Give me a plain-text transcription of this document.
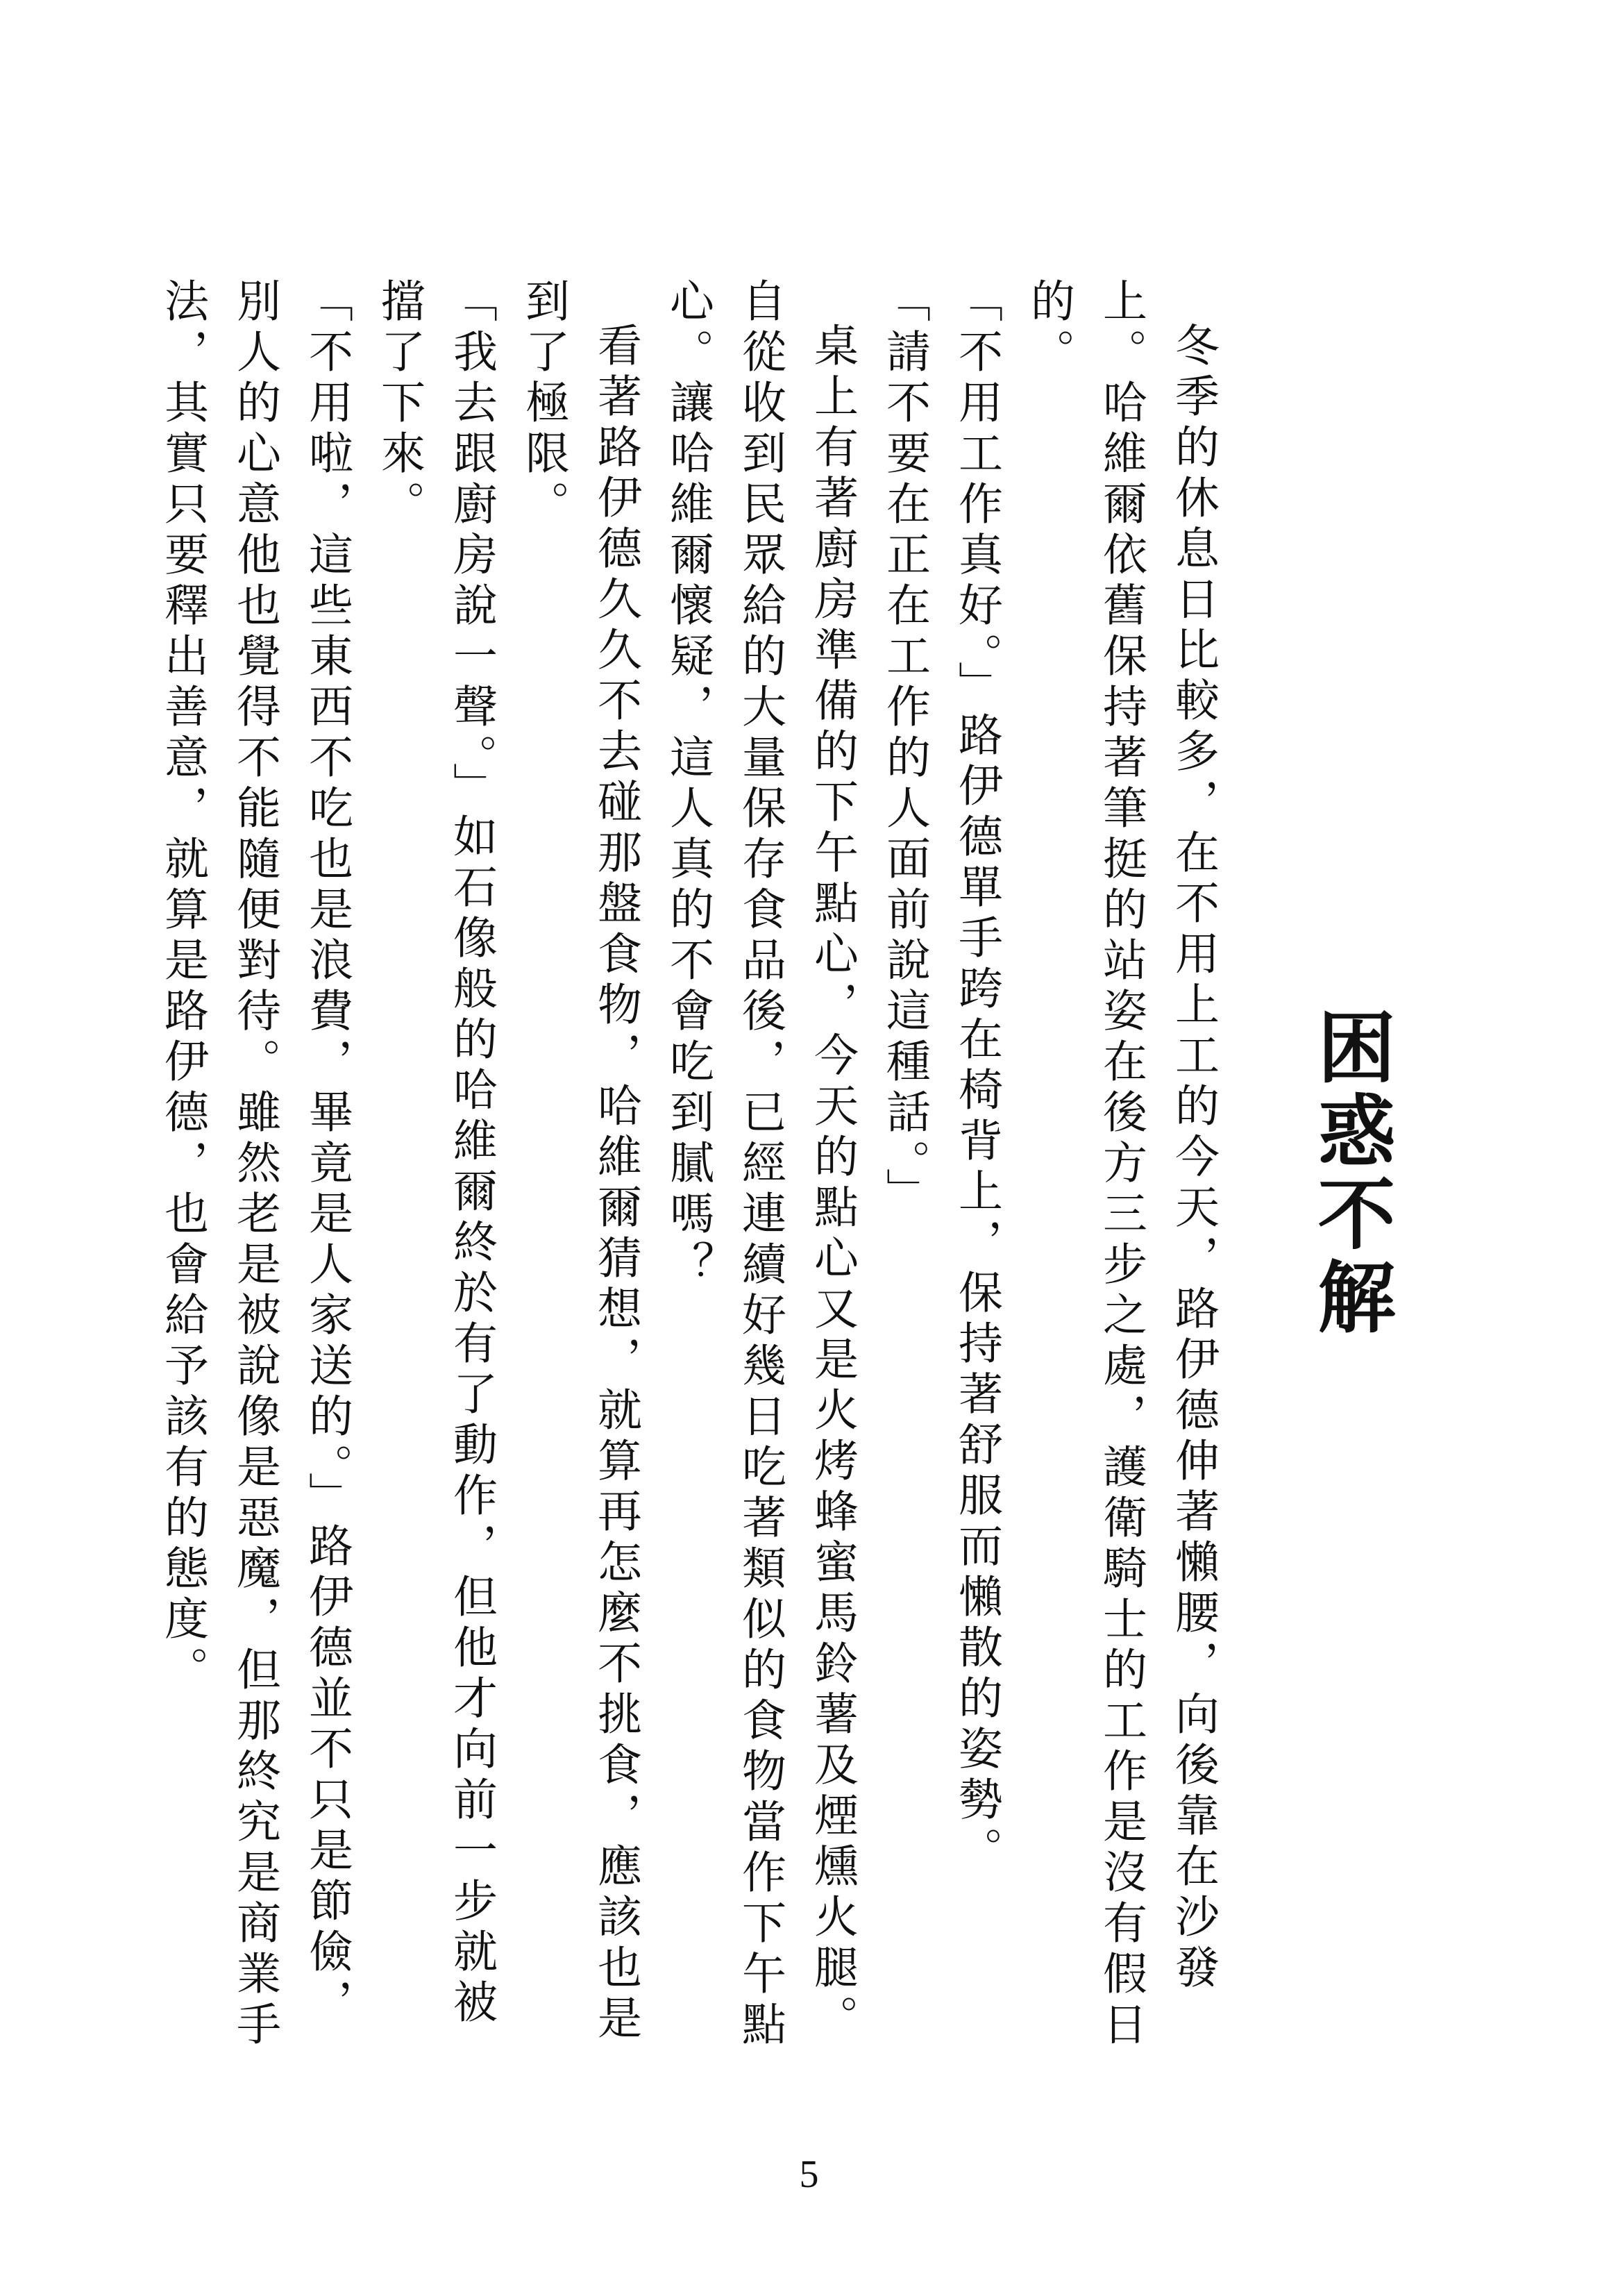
困惑不解

冬季的休息日比較多，在不用上工的今天，路伊德伸著懶腰，向後靠在沙發上。哈維爾依舊保持著筆挺的站姿在後方三步之處，護衛騎士的工作是沒有假日的。

「不用工作真好。」路伊德單手跨在椅背上，保持著舒服而懶散的姿勢。

「請不要在正在工作的人面前說這種話。」

桌上有著廚房準備的下午點心，今天的點心又是火烤蜂蜜馬鈴薯及煙燻火腿。自從收到民眾給的大量保存食品後，已經連續好幾日吃著類似的食物當作下午點心。讓哈維爾懷疑，這人真的不會吃到膩嗎？

看著路伊德久久不去碰那盤食物，哈維爾猜想，就算再怎麼不挑食，應該也是到了極限。

「我去跟廚房說一聲。」如石像般的哈維爾終於有了動作，但他才向前一步就被擋了下來。

「不用啦，這些東西不吃也是浪費，畢竟是人家送的。」路伊德並不只是節儉，別人的心意他也覺得不能隨便對待。雖然老是被說像是惡魔，但那終究是商業手法，其實只要釋出善意，就算是路伊德，也會給予該有的態度。

5
